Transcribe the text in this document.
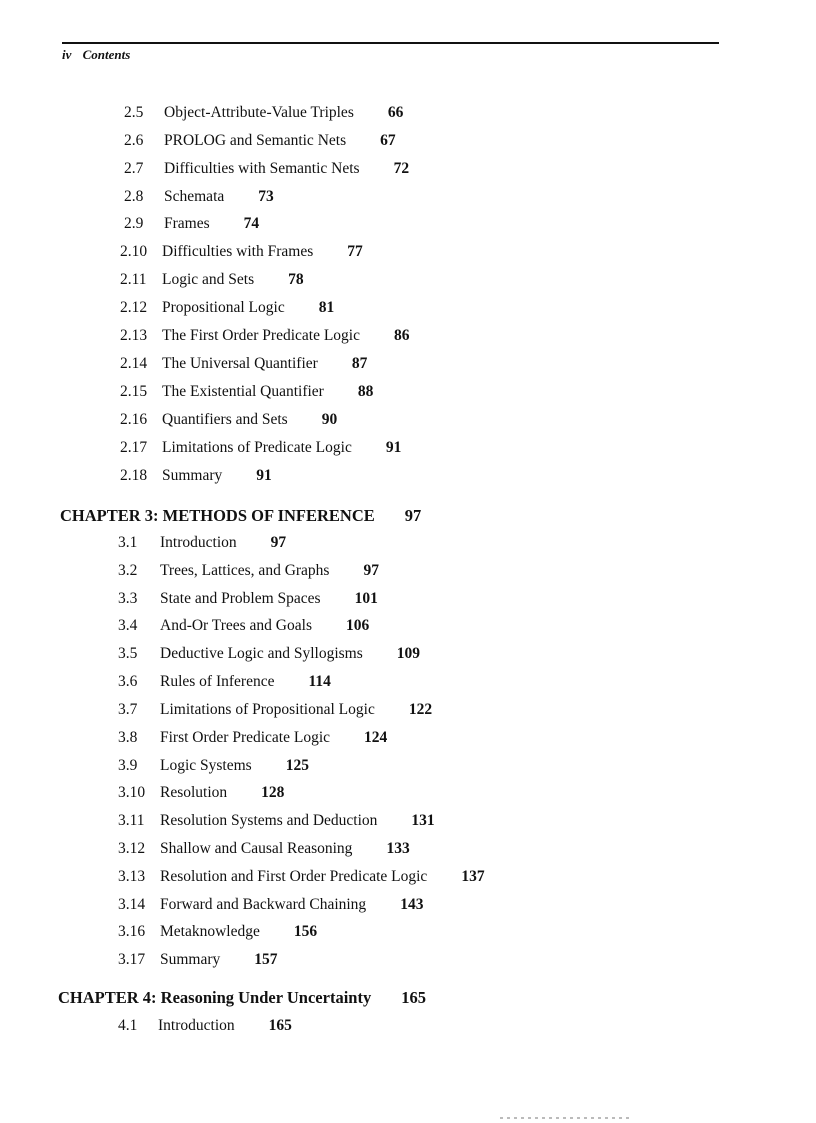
iv Contents
2.5 Object-Attribute-Value Triples 66
2.6 PROLOG and Semantic Nets 67
2.7 Difficulties with Semantic Nets 72
2.8 Schemata 73
2.9 Frames 74
2.10 Difficulties with Frames 77
2.11 Logic and Sets 78
2.12 Propositional Logic 81
2.13 The First Order Predicate Logic 86
2.14 The Universal Quantifier 87
2.15 The Existential Quantifier 88
2.16 Quantifiers and Sets 90
2.17 Limitations of Predicate Logic 91
2.18 Summary 91
CHAPTER 3: METHODS OF INFERENCE 97
3.1 Introduction 97
3.2 Trees, Lattices, and Graphs 97
3.3 State and Problem Spaces 101
3.4 And-Or Trees and Goals 106
3.5 Deductive Logic and Syllogisms 109
3.6 Rules of Inference 114
3.7 Limitations of Propositional Logic 122
3.8 First Order Predicate Logic 124
3.9 Logic Systems 125
3.10 Resolution 128
3.11 Resolution Systems and Deduction 131
3.12 Shallow and Causal Reasoning 133
3.13 Resolution and First Order Predicate Logic 137
3.14 Forward and Backward Chaining 143
3.16 Metaknowledge 156
3.17 Summary 157
CHAPTER 4: Reasoning Under Uncertainty 165
4.1 Introduction 165
